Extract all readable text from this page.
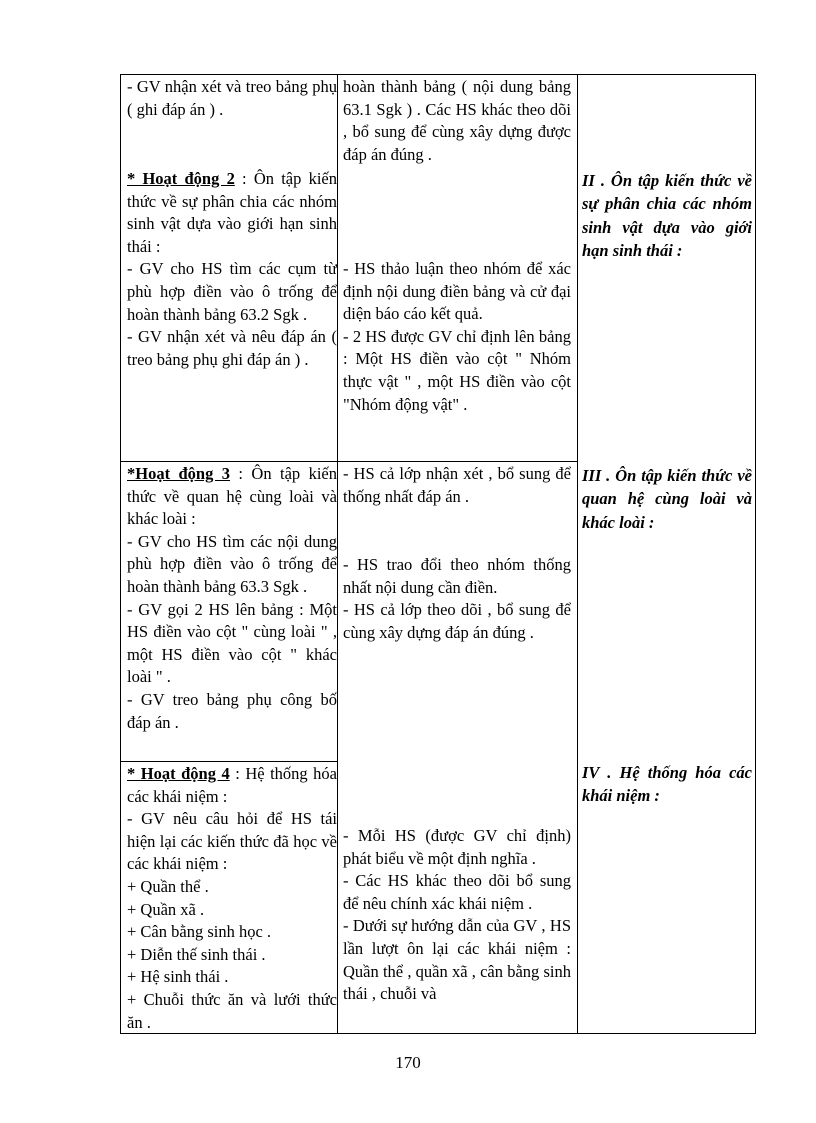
- GV nhận xét và treo bảng phụ ( ghi đáp án ) .

* Hoạt động 2 : Ôn tập kiến thức về sự phân chia các nhóm sinh vật dựa vào giới hạn sinh thái :

- GV cho HS tìm các cụm từ phù hợp điền vào ô trống để hoàn thành bảng 63.2 Sgk .

- GV nhận xét và nêu đáp án ( treo bảng phụ ghi đáp án ) .

*Hoạt động 3 : Ôn tập kiến thức về quan hệ cùng loài và khác loài :

- GV cho HS tìm các nội dung phù hợp điền vào ô trống để hoàn thành bảng 63.3 Sgk .

- GV gọi 2 HS lên bảng : Một HS điền vào cột " cùng loài " , một HS điền vào cột " khác loài " .

- GV treo bảng phụ công bố đáp án .

* Hoạt động 4 : Hệ thống hóa các khái niệm :

- GV nêu câu hỏi để HS tái hiện lại các kiến thức đã học về các khái niệm :

+ Quần thể .

+ Quần xã .

+ Cân bằng sinh học .

+ Diễn thế sinh thái .

+ Hệ sinh thái .

+ Chuỗi thức ăn và lưới thức ăn .

hoàn thành bảng ( nội dung bảng 63.1 Sgk ) . Các HS khác theo dõi , bổ sung để cùng xây dựng được đáp án đúng .

- HS thảo luận theo nhóm để xác định nội dung điền bảng và cử đại diện báo cáo kết quả.

- 2 HS được GV chỉ định lên bảng : Một HS điền vào cột " Nhóm thực vật " , một HS điền vào cột "Nhóm động vật" .

- HS cả lớp nhận xét , bổ sung để thống nhất đáp án .

- HS trao đổi theo nhóm thống nhất nội dung cần điền.

- HS cả lớp theo dõi , bổ sung để cùng xây dựng đáp án đúng .

- Mỗi HS (được GV chỉ định) phát biểu về một định nghĩa .

- Các HS khác theo dõi bổ sung để nêu chính xác khái niệm .

- Dưới sự hướng dẫn của GV , HS lần lượt ôn lại các khái niệm : Quần thể , quần xã , cân bằng sinh thái , chuỗi và

II . Ôn tập kiến thức về sự phân chia các nhóm sinh vật dựa vào giới hạn sinh thái :
III . Ôn tập kiến thức về quan hệ cùng loài và khác loài :
IV . Hệ thống hóa các khái niệm :
170
